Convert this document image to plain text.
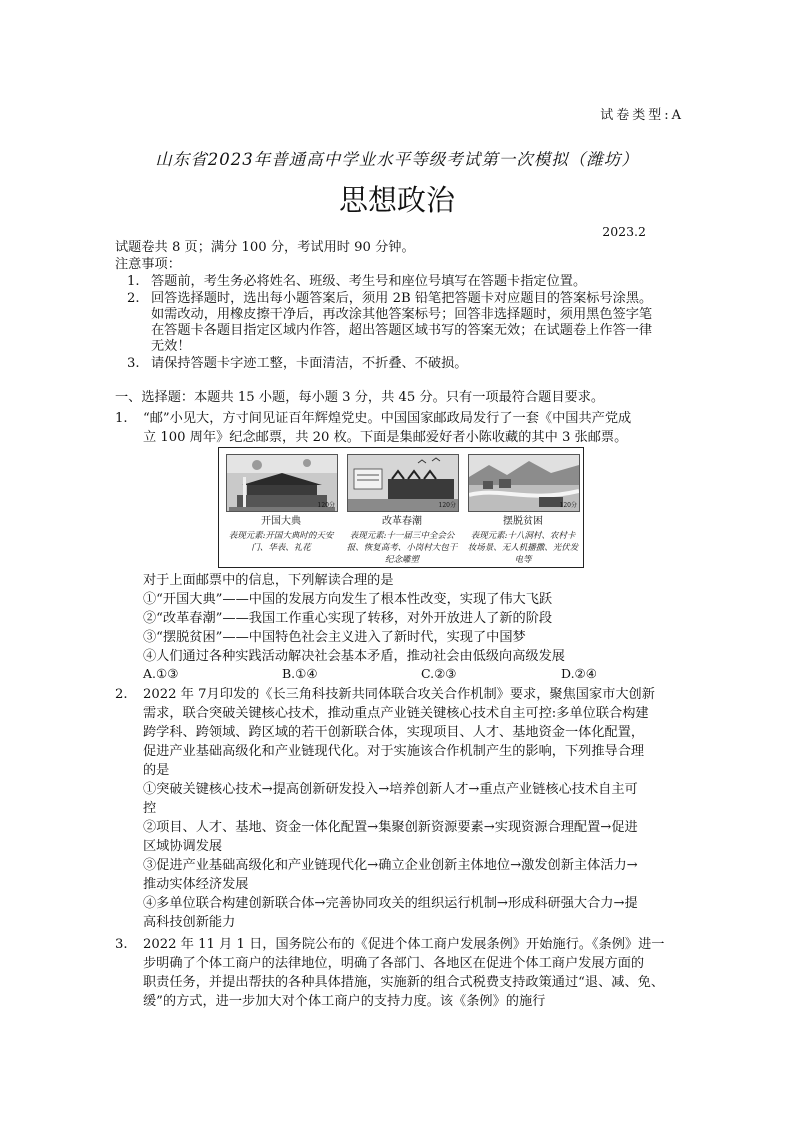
试卷类型:A
山东省2023年普通高中学业水平等级考试第一次模拟（潍坊）
思想政治
2023.2
试题卷共 8 页；满分 100 分，考试用时 90 分钟。
注意事项：
1. 答题前，考生务必将姓名、班级、考生号和座位号填写在答题卡指定位置。
2. 回答选择题时，选出每小题答案后，须用 2B 铅笔把答题卡对应题目的答案标号涂黑。
如需改动，用橡皮擦干净后，再改涂其他答案标号；回答非选择题时，须用黑色签字笔
在答题卡各题目指定区域内作答，超出答题区域书写的答案无效；在试题卷上作答一律
无效！
3. 请保持答题卡字迹工整，卡面清洁，不折叠、不破损。
一、选择题：本题共 15 小题，每小题 3 分，共 45 分。只有一项最符合题目要求。
1. “邮”小见大，方寸间见证百年辉煌党史。中国国家邮政局发行了一套《中国共产党成
立 100 周年》纪念邮票，共 20 枚。下面是集邮爱好者小陈收藏的其中 3 张邮票。
120分
开国大典
表现元素:开国大典时的天安门、华表、礼花
120分
改革春潮
表现元素:十一届三中全会公报、恢复高考、小岗村大包干纪念雕塑
120分
摆脱贫困
表现元素:十八洞村、农村卡妆场景、无人机播撒、光伏发电等
对于上面邮票中的信息，下列解读合理的是
①“开国大典”——中国的发展方向发生了根本性改变，实现了伟大飞跃
②“改革春潮”——我国工作重心实现了转移，对外开放进人了新的阶段
③“摆脱贫困”——中国特色社会主义进入了新时代，实现了中国梦
④人们通过各种实践活动解决社会基本矛盾，推动社会由低级向高级发展
A.①③	B.①④	C.②③	D.②④
2. 2022 年 7月印发的《长三角科技新共同体联合攻关合作机制》要求，聚焦国家市大创新
需求，联合突破关键核心技术，推动重点产业链关键核心技术自主可控:多单位联合构建
跨学科、跨领域、跨区域的若干创新联合体，实现项目、人才、基地资金一体化配置，
促进产业基础高级化和产业链现代化。对于实施该合作机制产生的影响，下列推导合理
的是
①突破关键核心技术→提高创新研发投入→培养创新人才→重点产业链核心技术自主可
控
②项目、人才、基地、资金一体化配置→集聚创新资源要素→实现资源合理配置→促进
区域协调发展
③促进产业基础高级化和产业链现代化→确立企业创新主体地位→激发创新主体活力→
推动实体经济发展
④多单位联合构建创新联合体→完善协同攻关的组织运行机制→形成科研强大合力→提
高科技创新能力
3. 2022 年 11 月 1 日，国务院公布的《促进个体工商户发展条例》开始施行。《条例》进一
步明确了个体工商户的法律地位，明确了各部门、各地区在促进个体工商户发展方面的
职责任务，并提出帮扶的各种具体措施，实施新的组合式税费支持政策通过“退、减、免、
缓”的方式，进一步加大对个体工商户的支持力度。该《条例》的施行
